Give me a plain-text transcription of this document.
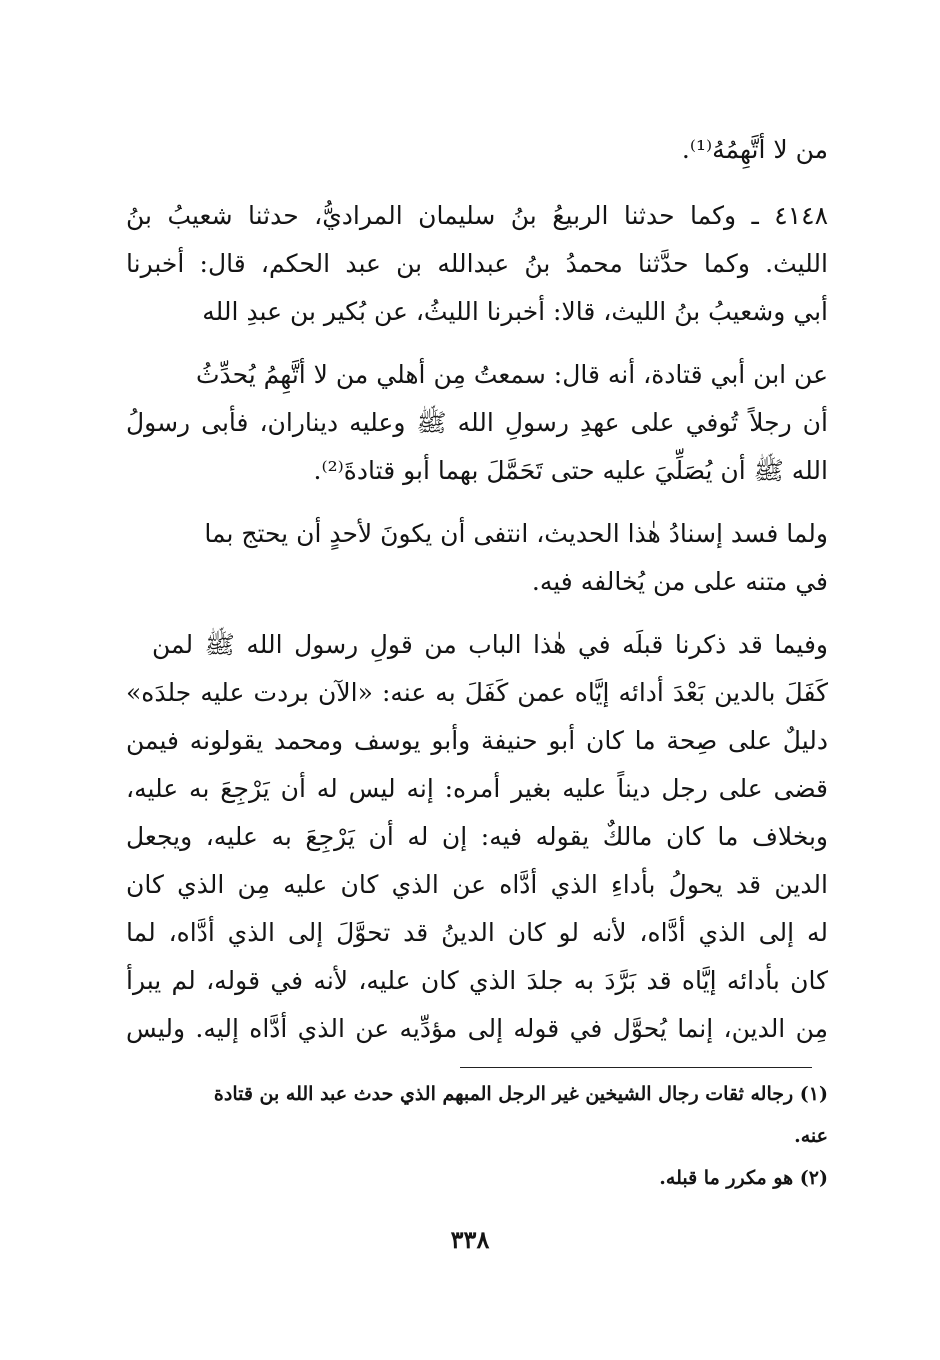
من لا أتَّهِمُهُ⁽¹⁾.

٤١٤٨ ـ وكما حدثنا الربيعُ بنُ سليمان المراديُّ، حدثنا شعيبُ بنُ

الليث. وكما حدَّثنا محمدُ بنُ عبدالله بن عبد الحكم، قال: أخبرنا

أبي وشعيبُ بنُ الليث، قالا: أخبرنا الليثُ، عن بُكير بن عبدِ الله

عن ابن أبي قتادة، أنه قال: سمعتُ مِن أهلي من لا أتَّهِمُ يُحدِّثُ

أن رجلاً تُوفي على عهدِ رسولِ الله ﷺ وعليه ديناران، فأبى رسولُ

الله ﷺ أن يُصَلِّيَ عليه حتى تَحَمَّلَ بهما أبو قتادةَ⁽²⁾.

ولما فسد إسنادُ هٰذا الحديث، انتفى أن يكونَ لأحدٍ أن يحتج بما

في متنه على من يُخالفه فيه.

وفيما قد ذكرنا قبلَه في هٰذا الباب من قولِ رسول الله ﷺ لمن

كَفَلَ بالدين بَعْدَ أدائه إيَّاه عمن كَفَلَ به عنه: «الآن بردت عليه جلدَه»

دليلٌ على صِحة ما كان أبو حنيفة وأبو يوسف ومحمد يقولونه فيمن

قضى على رجل ديناً عليه بغير أمره: إنه ليس له أن يَرْجِعَ به عليه،

وبخلاف ما كان مالكٌ يقوله فيه: إن له أن يَرْجِعَ به عليه، ويجعل

الدين قد يحولُ بأداءِ الذي أدَّاه عن الذي كان عليه مِن الذي كان

له إلى الذي أدَّاه، لأنه لو كان الدينُ قد تحوَّلَ إلى الذي أدَّاه، لما

كان بأدائه إيَّاه قد بَرَّدَ به جلدَ الذي كان عليه، لأنه في قوله، لم يبرأ

مِن الدين، إنما يُحوَّل في قوله إلى مؤدِّيه عن الذي أدَّاه إليه. وليس

(١) رجاله ثقات رجال الشيخين غير الرجل المبهم الذي حدث عبد الله بن قتادة

عنه.

(٢) هو مكرر ما قبله.

٣٣٨
